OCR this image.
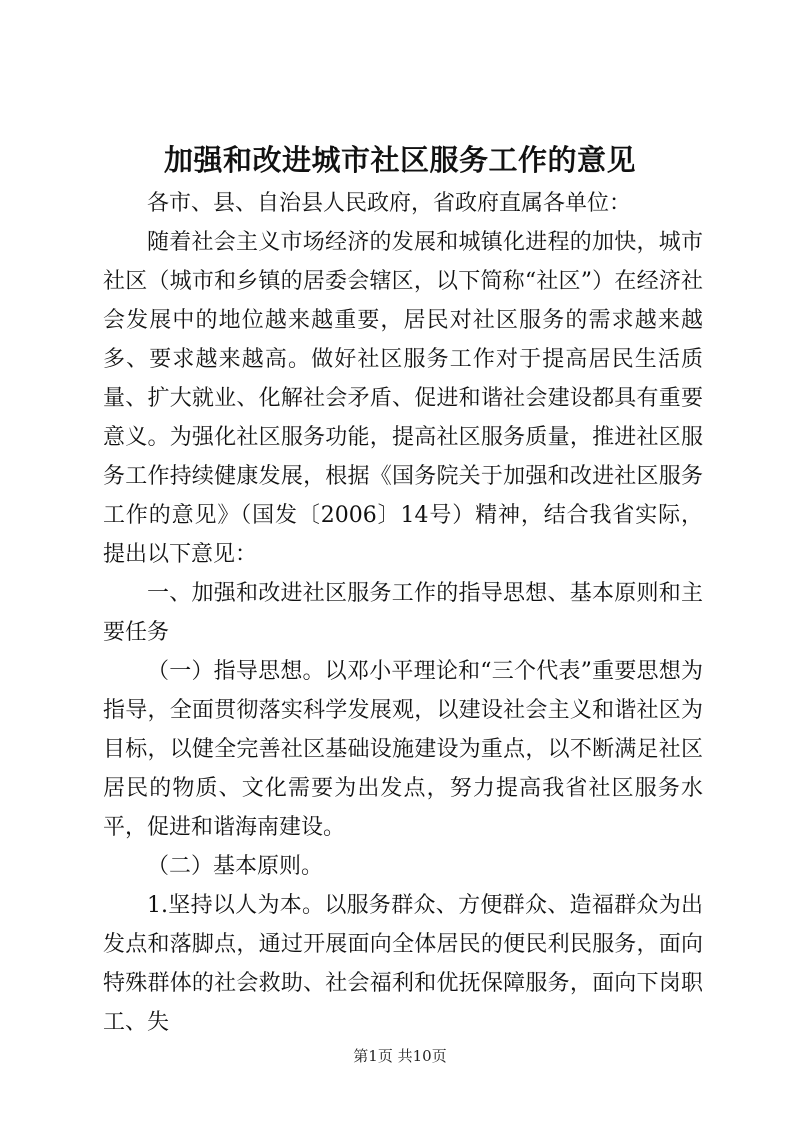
加强和改进城市社区服务工作的意见

各市、县、自治县人民政府，省政府直属各单位：

随着社会主义市场经济的发展和城镇化进程的加快，城市社区（城市和乡镇的居委会辖区，以下简称“社区”）在经济社会发展中的地位越来越重要，居民对社区服务的需求越来越多、要求越来越高。做好社区服务工作对于提高居民生活质量、扩大就业、化解社会矛盾、促进和谐社会建设都具有重要意义。为强化社区服务功能，提高社区服务质量，推进社区服务工作持续健康发展，根据《国务院关于加强和改进社区服务工作的意见》（国发〔2006〕14号）精神，结合我省实际，提出以下意见：

一、加强和改进社区服务工作的指导思想、基本原则和主要任务

（一）指导思想。以邓小平理论和“三个代表”重要思想为指导，全面贯彻落实科学发展观，以建设社会主义和谐社区为目标，以健全完善社区基础设施建设为重点，以不断满足社区居民的物质、文化需要为出发点，努力提高我省社区服务水平，促进和谐海南建设。

（二）基本原则。

1.坚持以人为本。以服务群众、方便群众、造福群众为出发点和落脚点，通过开展面向全体居民的便民利民服务，面向特殊群体的社会救助、社会福利和优抚保障服务，面向下岗职工、失

第1页 共10页
